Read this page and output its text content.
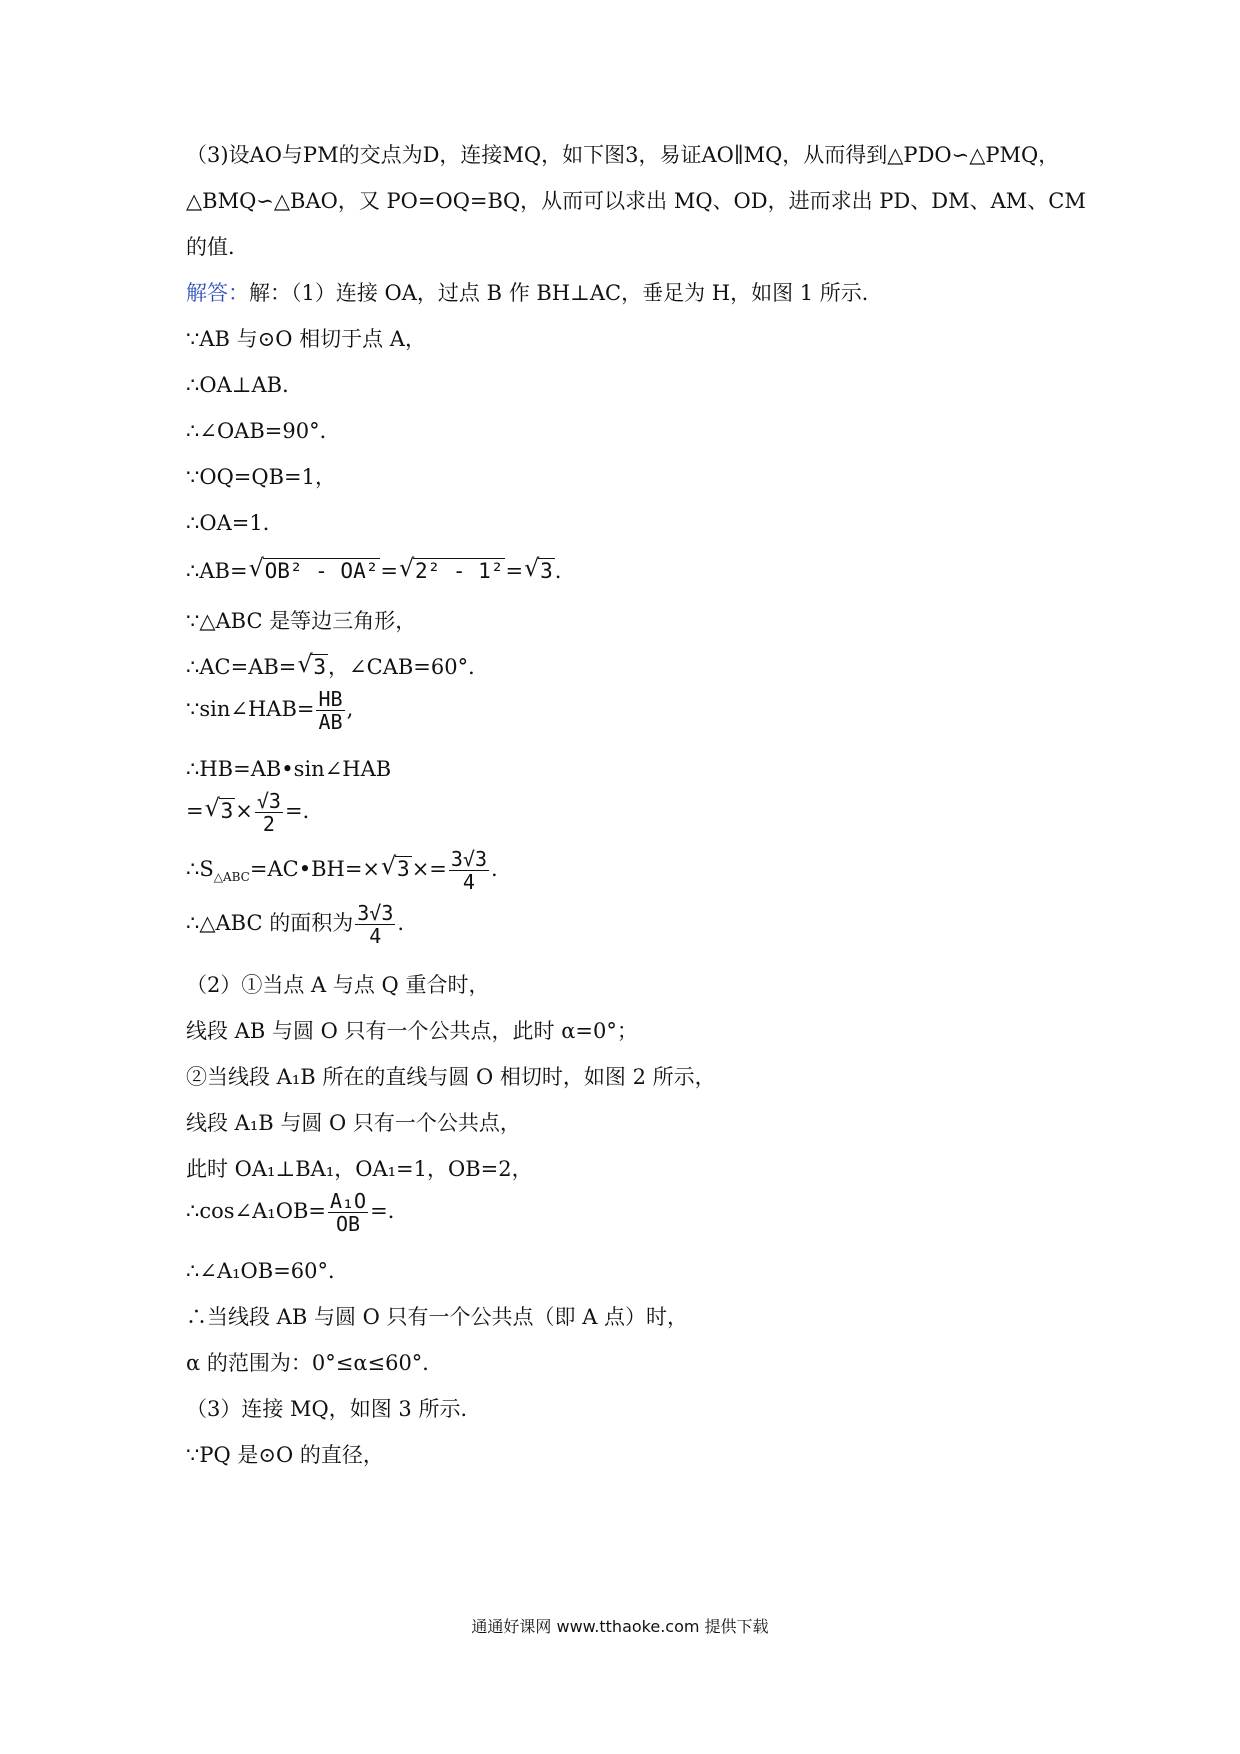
（3)设AO与PM的交点为D，连接MQ，如下图3，易证AO∥MQ，从而得到△PDO∽△PMQ，
△BMQ∽△BAO，又 PO=OQ=BQ，从而可以求出 MQ、OD，进而求出 PD、DM、AM、CM
的值．
解答：解：（1）连接 OA，过点 B 作 BH⊥AC，垂足为 H，如图 1 所示．
∵AB 与⊙O 相切于点 A，
∴OA⊥AB．
∴∠OAB=90°．
∵OQ=QB=1，
∴OA=1．
∴AB=√ OB² - OA²=√ 2² - 1²=√ 3.
∵△ABC 是等边三角形，
∴AC=AB=√ 3，∠CAB=60°．
∵sin∠HAB= $\frac{HB}{AB}$ ,
∴HB=AB•sin∠HAB
=√ $3\times \frac{√3}{2}$ =．
$\therefore S_{\triangle ABC}=AC•BH=\times√$ $3\times= \frac{3√3}{4}$ .
∴△ABC 的面积为 $\frac{3√3}{4}$ .
（2）①当点 A 与点 Q 重合时，
线段 AB 与圆 O 只有一个公共点，此时 α=0°；
②当线段 A₁B 所在的直线与圆 O 相切时，如图 2 所示，
线段 A₁B 与圆 O 只有一个公共点，
此时 OA₁⊥BA₁，OA₁=1，OB=2，
∴cos∠A₁OB= $\frac{\text{A₁O}}{OB}$ =．
∴∠A₁OB=60°．
∴当线段 AB 与圆 O 只有一个公共点（即 A 点）时，
α 的范围为：0°≤α≤60°．
（3）连接 MQ，如图 3 所示．
∵PQ 是⊙O 的直径，
通通好课网 www.tthaoke.com 提供下载
